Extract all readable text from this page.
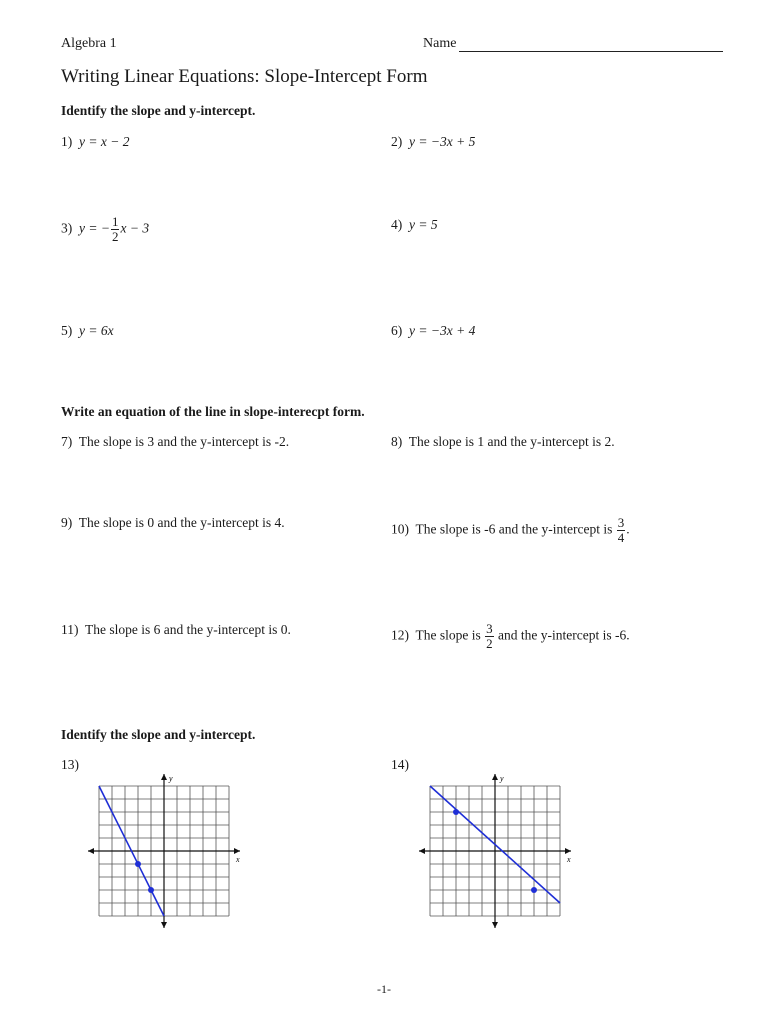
Algebra 1	Name
Writing Linear Equations: Slope-Intercept Form
Identify the slope and y-intercept.
1) y = x − 2	2) y = −3x + 5
3) y = − $\frac{1}{2}$ x − 3	4) y = 5
5) y = 6x	6) y = −3x + 4
Write an equation of the line in slope-interecpt form.
7) The slope is 3 and the y-intercept is -2.	8) The slope is 1 and the y-intercept is 2.
9) The slope is 0 and the y-intercept is 4.	10) The slope is -6 and the y-intercept is $\frac{3}{4}$ .
11) The slope is 6 and the y-intercept is 0.	12) The slope is $\frac{3}{2}$ and the y-intercept is -6.
Identify the slope and y-intercept.
13)	14)
x
y
x
y
-1-
